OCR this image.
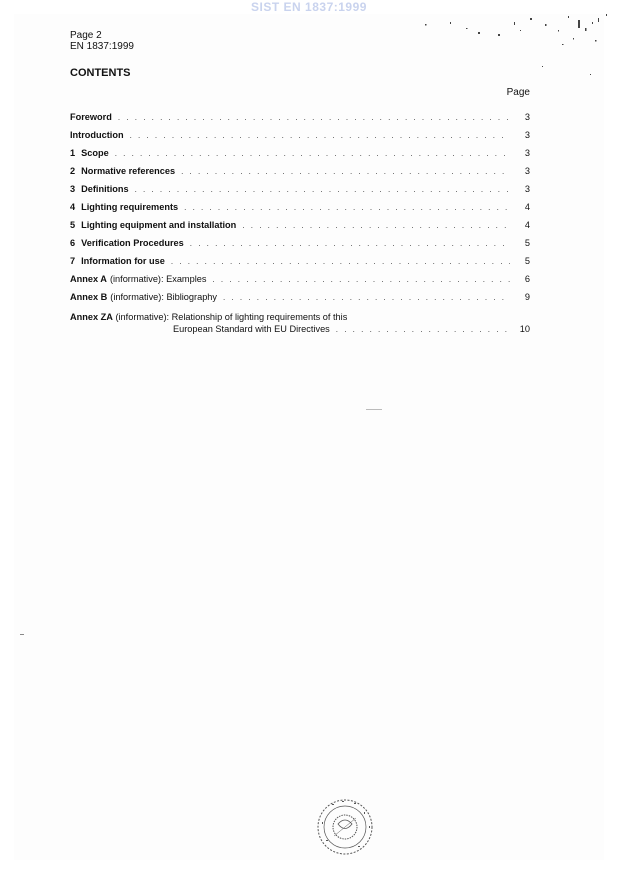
SIST EN 1837:1999
Page 2
EN 1837:1999
CONTENTS
Page
Foreword . . .	3
Introduction . . .	3
1 Scope . . .	3
2 Normative references . . .	3
3 Definitions . . .	3
4 Lighting requirements . . .	4
5 Lighting equipment and installation . . .	4
6 Verification Procedures . . .	5
7 Information for use . . .	5
Annex A (informative): Examples . . .	6
Annex B (informative): Bibliography . . .	9
Annex ZA (informative): Relationship of lighting requirements of this
European Standard with EU Directives . . .	10
